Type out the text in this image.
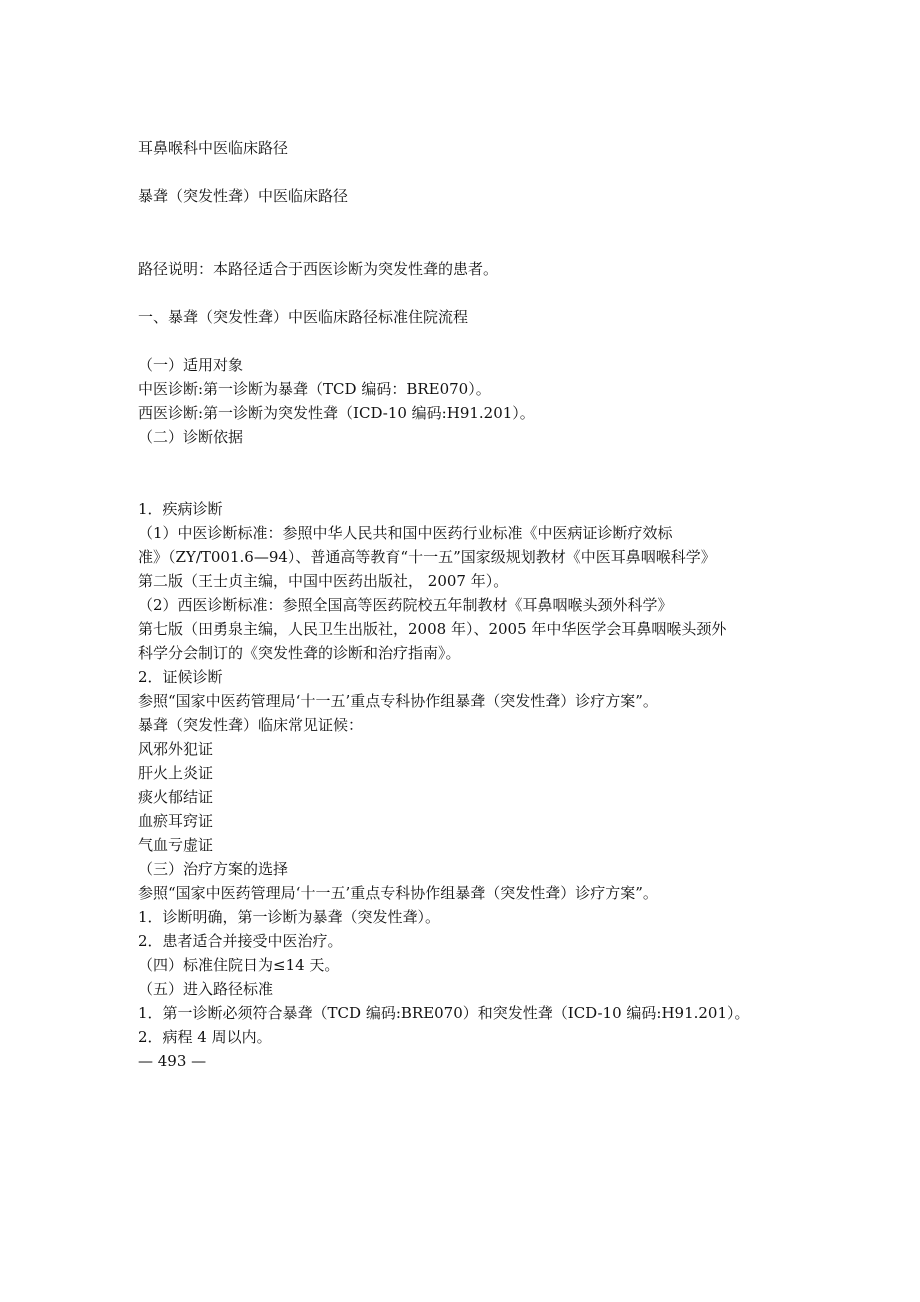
耳鼻喉科中医临床路径

暴聋（突发性聋）中医临床路径

路径说明：本路径适合于西医诊断为突发性聋的患者。

一、暴聋（突发性聋）中医临床路径标准住院流程

（一）适用对象

中医诊断:第一诊断为暴聋（TCD 编码：BRE070）。

西医诊断:第一诊断为突发性聋（ICD-10 编码:H91.201）。

（二）诊断依据

1．疾病诊断

（1）中医诊断标准：参照中华人民共和国中医药行业标准《中医病证诊断疗效标

准》（ZY/T001.6—94）、普通高等教育“十一五”国家级规划教材《中医耳鼻咽喉科学》

第二版（王士贞主编，中国中医药出版社， 2007 年）。

（2）西医诊断标准：参照全国高等医药院校五年制教材《耳鼻咽喉头颈外科学》

第七版（田勇泉主编，人民卫生出版社，2008 年）、2005 年中华医学会耳鼻咽喉头颈外

科学分会制订的《突发性聋的诊断和治疗指南》。

2．证候诊断

参照“国家中医药管理局‘十一五’重点专科协作组暴聋（突发性聋）诊疗方案”。

暴聋（突发性聋）临床常见证候：

风邪外犯证

肝火上炎证

痰火郁结证

血瘀耳窍证

气血亏虚证

（三）治疗方案的选择

参照“国家中医药管理局‘十一五’重点专科协作组暴聋（突发性聋）诊疗方案”。

1．诊断明确，第一诊断为暴聋（突发性聋）。

2．患者适合并接受中医治疗。

（四）标准住院日为≤14 天。

（五）进入路径标准

1．第一诊断必须符合暴聋（TCD 编码:BRE070）和突发性聋（ICD-10 编码:H91.201）。

2．病程 4 周以内。

— 493 —
